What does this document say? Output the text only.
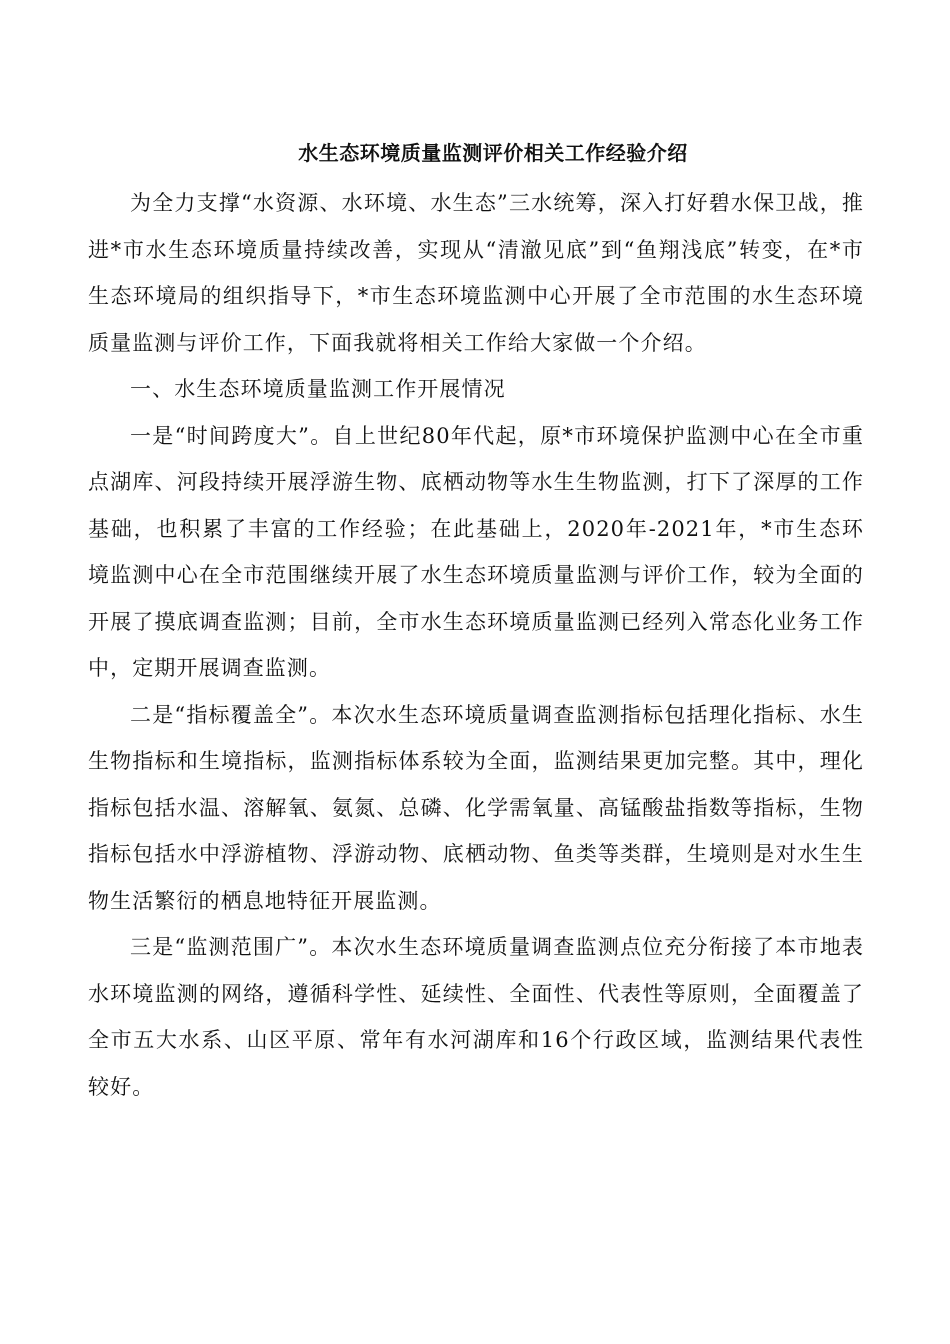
水生态环境质量监测评价相关工作经验介绍

为全力支撑“水资源、水环境、水生态”三水统筹，深入打好碧水保卫战，推进*市水生态环境质量持续改善，实现从“清澈见底”到“鱼翔浅底”转变，在*市生态环境局的组织指导下，*市生态环境监测中心开展了全市范围的水生态环境质量监测与评价工作，下面我就将相关工作给大家做一个介绍。

一、水生态环境质量监测工作开展情况

一是“时间跨度大”。自上世纪80年代起，原*市环境保护监测中心在全市重点湖库、河段持续开展浮游生物、底栖动物等水生生物监测，打下了深厚的工作基础，也积累了丰富的工作经验；在此基础上，2020年-2021年，*市生态环境监测中心在全市范围继续开展了水生态环境质量监测与评价工作，较为全面的开展了摸底调查监测；目前，全市水生态环境质量监测已经列入常态化业务工作中，定期开展调查监测。

二是“指标覆盖全”。本次水生态环境质量调查监测指标包括理化指标、水生生物指标和生境指标，监测指标体系较为全面，监测结果更加完整。其中，理化指标包括水温、溶解氧、氨氮、总磷、化学需氧量、高锰酸盐指数等指标，生物指标包括水中浮游植物、浮游动物、底栖动物、鱼类等类群，生境则是对水生生物生活繁衍的栖息地特征开展监测。

三是“监测范围广”。本次水生态环境质量调查监测点位充分衔接了本市地表水环境监测的网络，遵循科学性、延续性、全面性、代表性等原则，全面覆盖了全市五大水系、山区平原、常年有水河湖库和16个行政区域，监测结果代表性较好。
